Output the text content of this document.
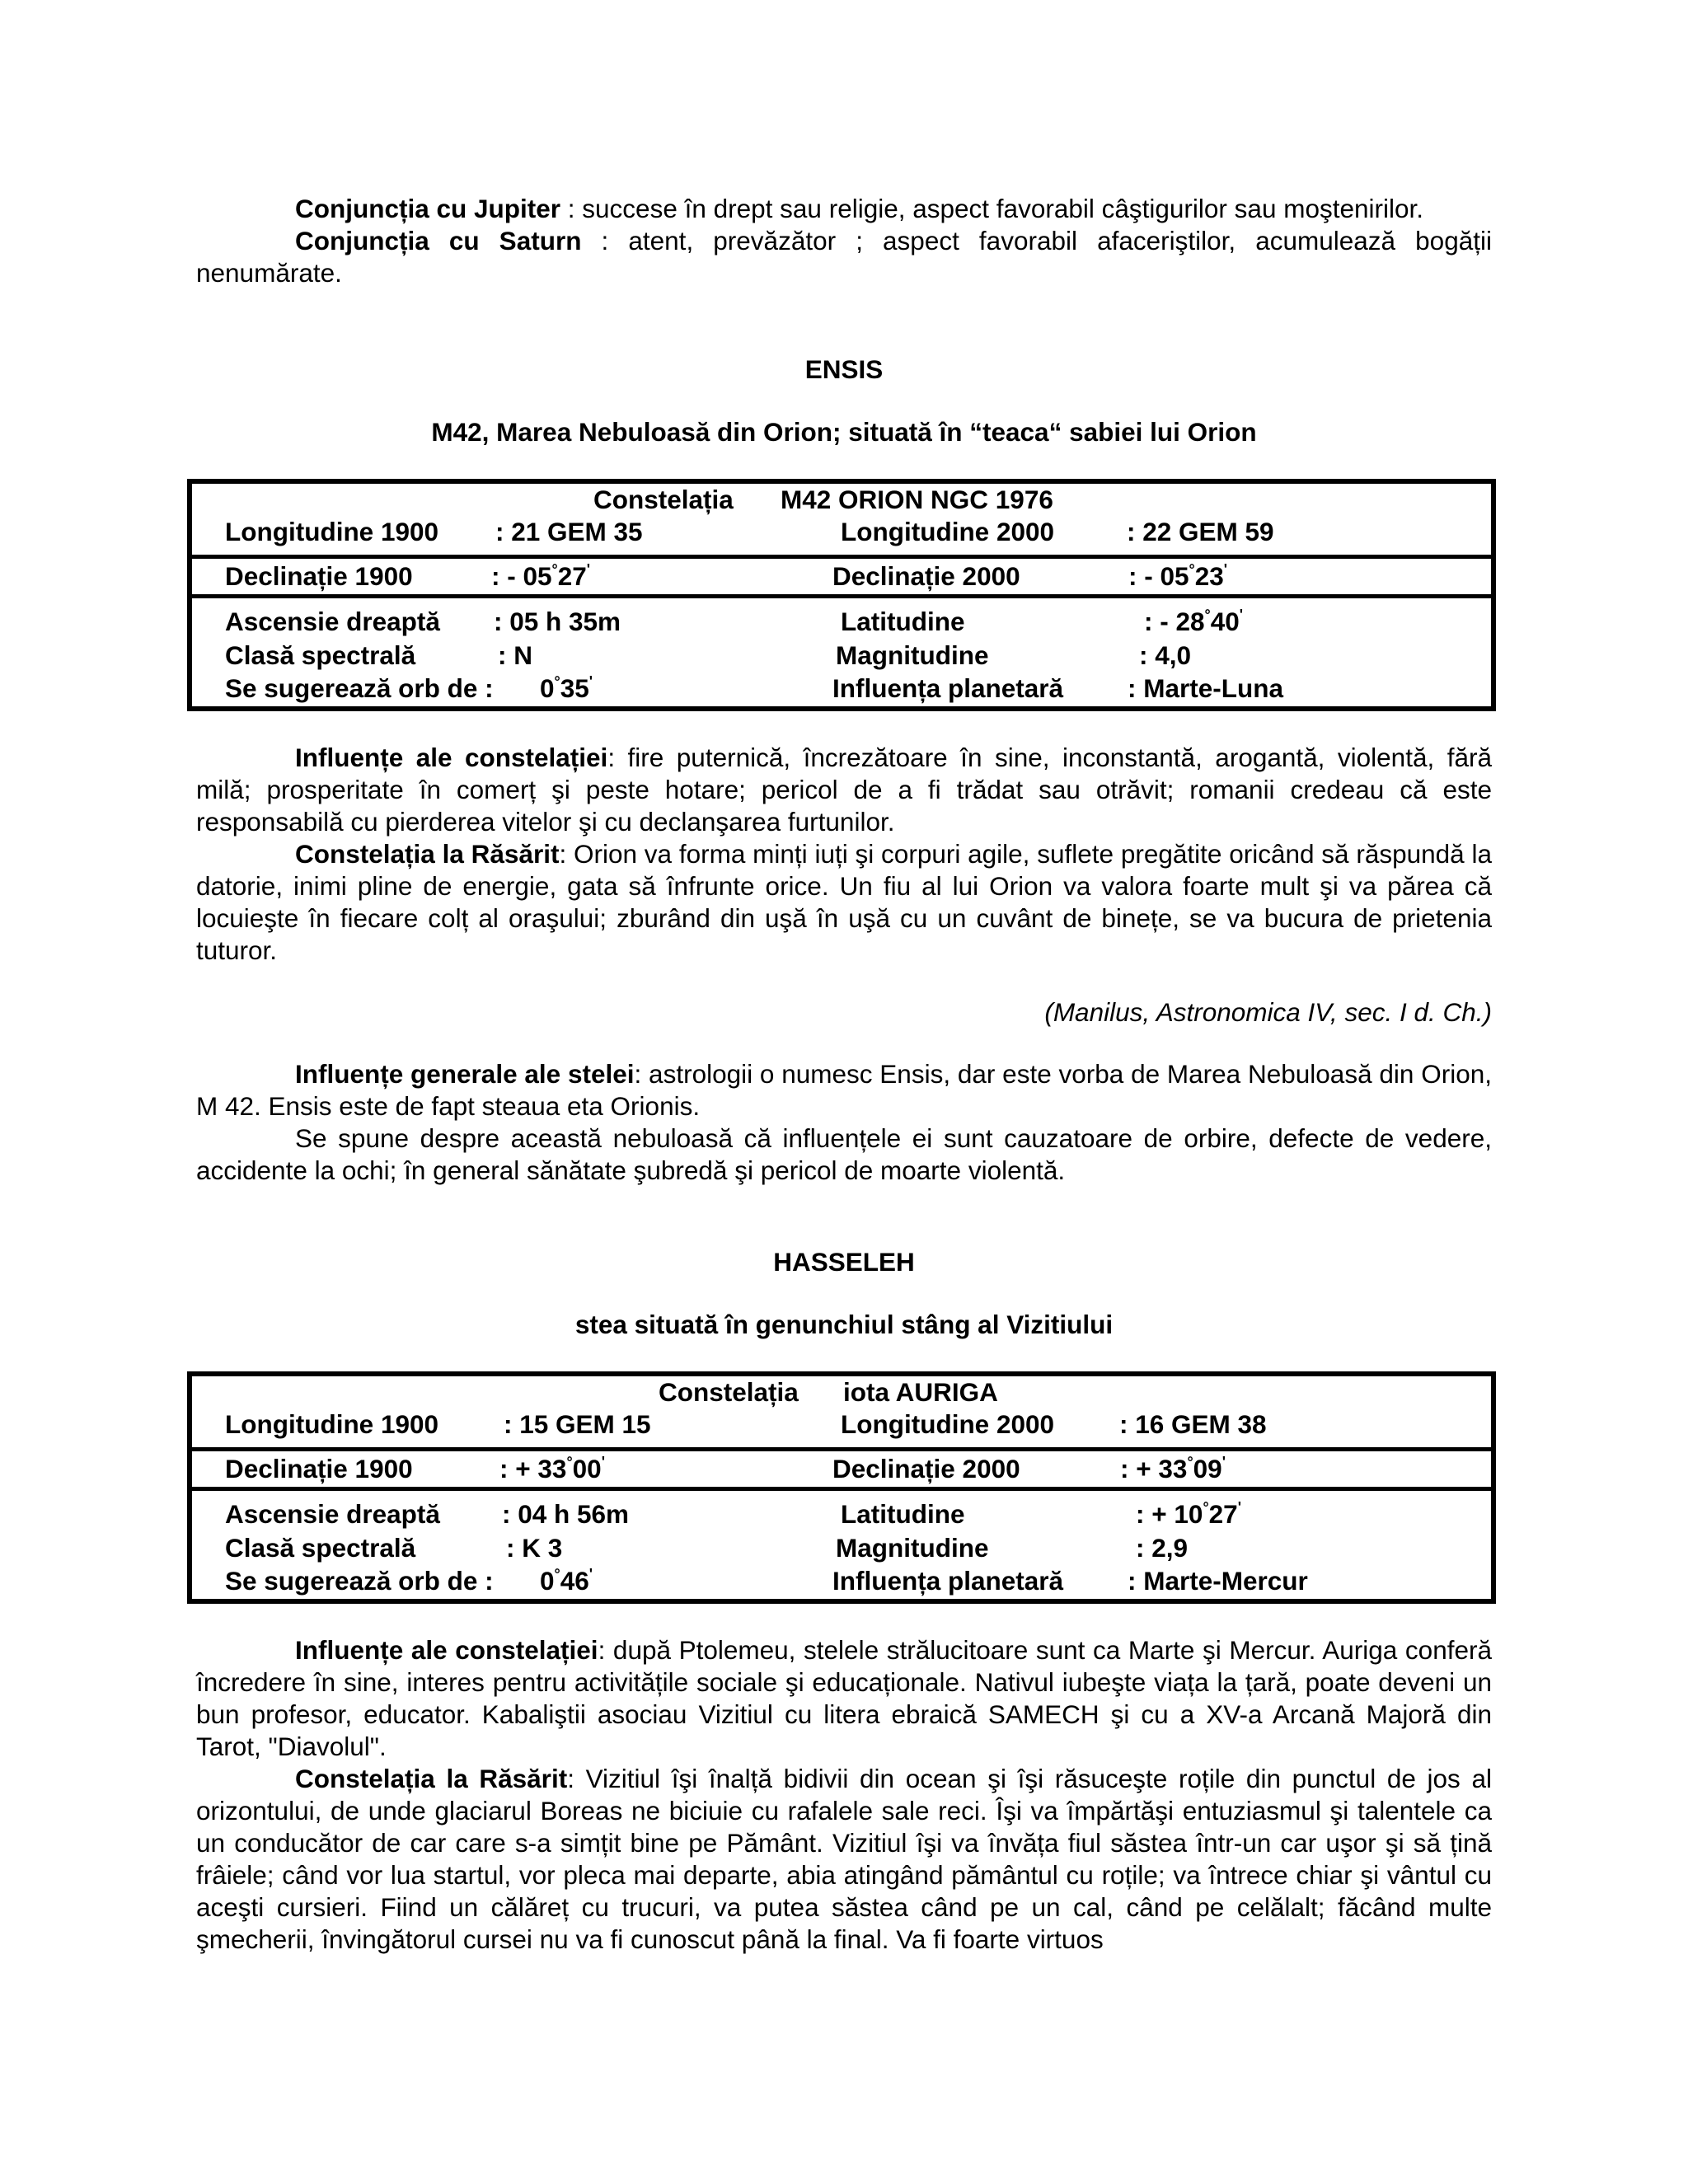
Conjuncția cu Jupiter : succese în drept sau religie, aspect favorabil câştigurilor sau moştenirilor.

Conjuncția cu Saturn : atent, prevăzător ; aspect favorabil afaceriştilor, acumulează bogății nenumărate.

ENSIS
M42, Marea Nebuloasă din Orion; situată în “teaca“ sabiei lui Orion
Constelația M42 ORION NGC 1976
Longitudine 1900 : 21 GEM 35	Longitudine 2000	: 22 GEM 59
Declinație 1900	: - 05°27'	Declinație 2000	: - 05°23'
Ascensie dreaptă : 05 h 35m	Latitudine	: - 28°40'
Clasă spectrală	: N	Magnitudine	: 4,0
Se sugerează orb de : 0°35'	Influența planetară : Marte-Luna

Influențe ale constelației: fire puternică, încrezătoare în sine, inconstantă, arogantă, violentă, fără milă; prosperitate în comerț şi peste hotare; pericol de a fi trădat sau otrăvit; romanii credeau că este responsabilă cu pierderea vitelor şi cu declanşarea furtunilor.

Constelația la Răsărit: Orion va forma minți iuți şi corpuri agile, suflete pregătite oricând să răspundă la datorie, inimi pline de energie, gata să înfrunte orice. Un fiu al lui Orion va valora foarte mult şi va părea că locuieşte în fiecare colț al oraşului; zburând din uşă în uşă cu un cuvânt de binețe, se va bucura de prietenia tuturor.

(Manilus, Astronomica IV, sec. I d. Ch.)

Influențe generale ale stelei: astrologii o numesc Ensis, dar este vorba de Marea Nebuloasă din Orion, M 42. Ensis este de fapt steaua eta Orionis.

Se spune despre această nebuloasă că influențele ei sunt cauzatoare de orbire, defecte de vedere, accidente la ochi; în general sănătate şubredă şi pericol de moarte violentă.

HASSELEH
stea situată în genunchiul stâng al Vizitiului
Constelația iota AURIGA
Longitudine 1900	: 15 GEM 15	Longitudine 2000	: 16 GEM 38
Declinație 1900	: + 33°00'	Declinație 2000	: + 33°09'
Ascensie dreaptă : 04 h 56m	Latitudine	: + 10°27'
Clasă spectrală	: K 3	Magnitudine	: 2,9
Se sugerează orb de : 0°46'	Influența planetară : Marte-Mercur

Influențe ale constelației: după Ptolemeu, stelele strălucitoare sunt ca Marte şi Mercur. Auriga conferă încredere în sine, interes pentru activitățile sociale şi educaționale. Nativul iubeşte viața la țară, poate deveni un bun profesor, educator. Kabaliştii asociau Vizitiul cu litera ebraică SAMECH şi cu a XV-a Arcană Majoră din Tarot, "Diavolul".

Constelația la Răsărit: Vizitiul îşi înalță bidivii din ocean şi îşi răsuceşte roțile din punctul de jos al orizontului, de unde glaciarul Boreas ne biciuie cu rafalele sale reci. Îşi va împărtăşi entuziasmul şi talentele ca un conducător de car care s-a simțit bine pe Pământ. Vizitiul îşi va învăța fiul săstea într-un car uşor şi să țină frâiele; când vor lua startul, vor pleca mai departe, abia atingând pământul cu roțile; va întrece chiar şi vântul cu aceşti cursieri. Fiind un călăreț cu trucuri, va putea săstea când pe un cal, când pe celălalt; făcând multe şmecherii, învingătorul cursei nu va fi cunoscut până la final. Va fi foarte virtuos
